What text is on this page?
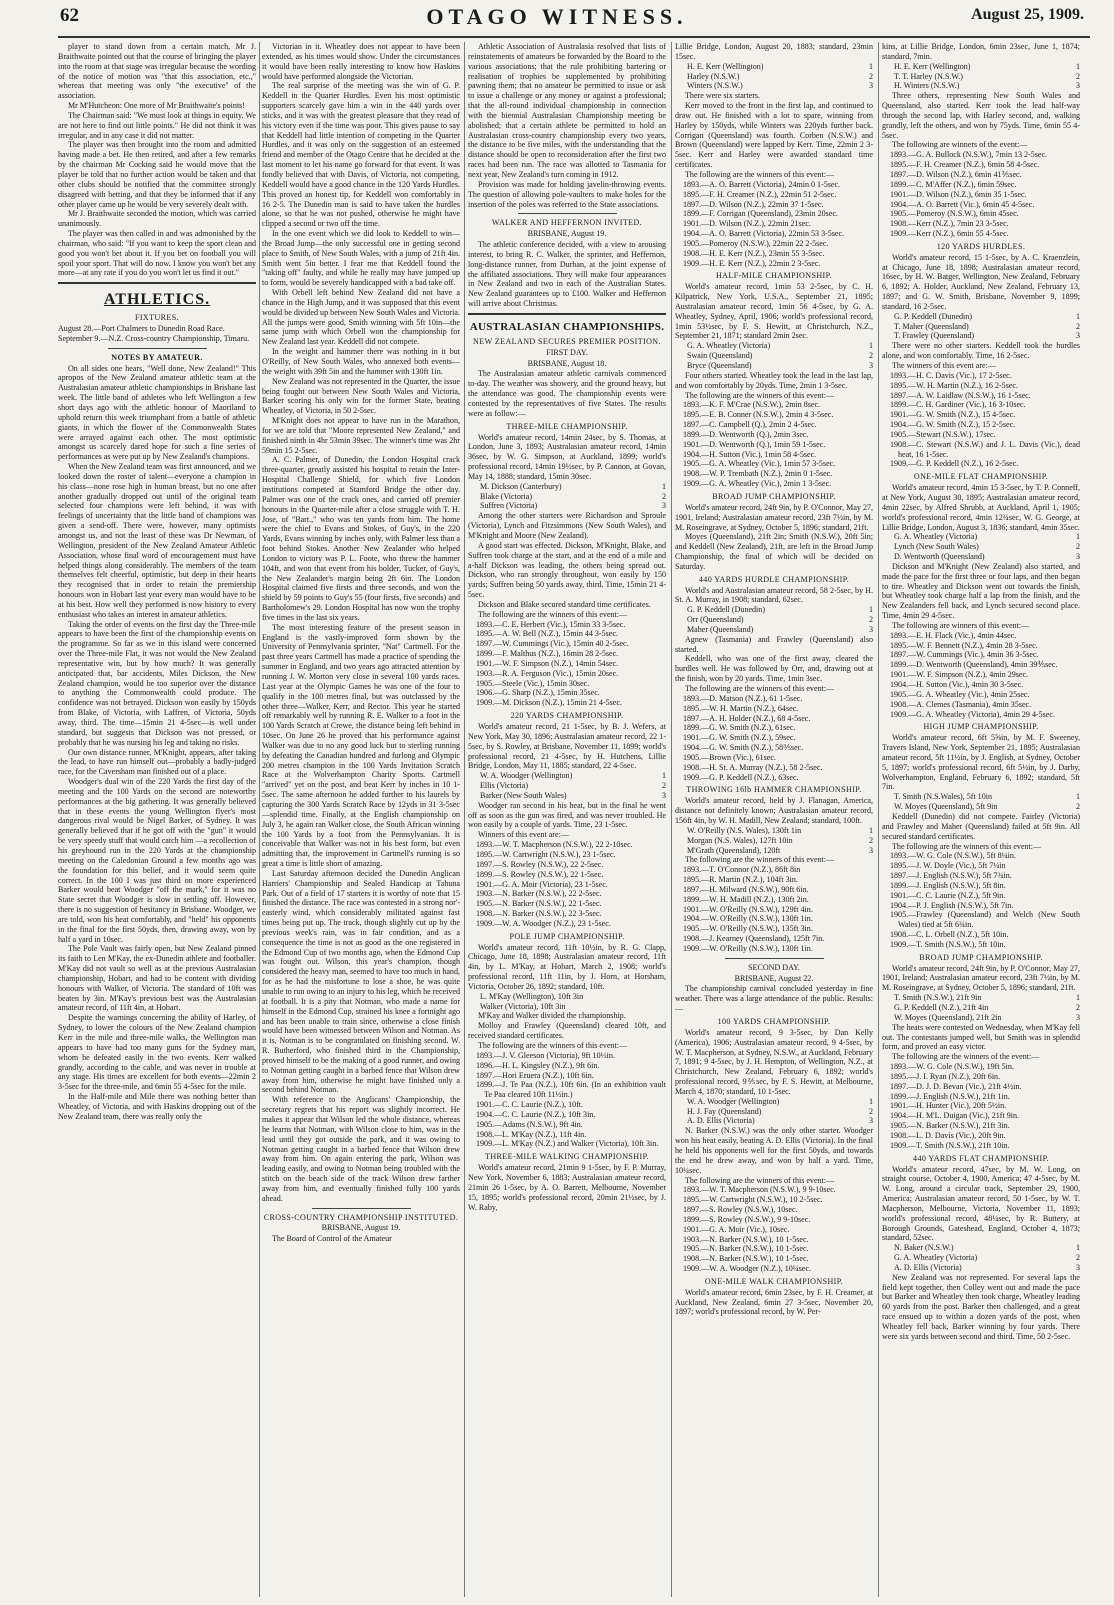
62	OTAGO WITNESS.	August 25, 1909.

player to stand down from a certain match, Mr J. Braithwaite pointed out that the course of bringing the player into the room at that stage was irregular because the wording of the notice of motion was "that this association, etc.," whereas that meeting was only "the executive" of the association.

Mr M'Hutcheon: One more of Mr Braithwaite's points!

The Chairman said: "We must look at things in equity. We are not here to find out little points." He did not think it was irregular, and in any case it did not matter.

The player was then brought into the room and admitted having made a bet. He then retired, and after a few remarks by the chairman Mr Cocking said he would move that the player be told that no further action would be taken and that other clubs should be notified that the committee strongly disagreed with betting, and that they be informed that if any other player came up he would be very severely dealt with.

Mr J. Braithwaite seconded the motion, which was carried unanimously.

The player was then called in and was admonished by the chairman, who said: "If you want to keep the sport clean and good you won't bet about it. If you bet on football you will spoil your sport. That will do now. I know you won't bet any more—at any rate if you do you won't let us find it out."

ATHLETICS.
FIXTURES.

August 28.—Port Chalmers to Dunedin Road Race.

September 9.—N.Z. Cross-country Championship, Timaru.

NOTES BY AMATEUR.

On all sides one hears, "Well done, New Zealand!" This apropos of the New Zealand amateur athletic team at the Australasian amateur athletic championships in Brisbane last week. The little band of athletes who left Wellington a few short days ago with the athletic honour of Maoriland to uphold return this week triumphant from a battle of athletic giants, in which the flower of the Commonwealth States were arrayed against each other. The most optimistic amongst us scarcely dared hope for such a fine series of performances as were put up by New Zealand's champions.

When the New Zealand team was first announced, and we looked down the roster of talent—everyone a champion in his class—none rose high in human breast, but no one after another gradually dropped out until of the original team selected four champions were left behind, it was with feelings of uncertainty that the little band of champions was given a send-off. There were, however, many optimists amongst us, and not the least of these was Dr Newman, of Wellington, president of the New Zealand Amateur Athletic Association, whose final word of encouragement must have helped things along considerably. The members of the team themselves felt cheerful, optimistic, but deep in their hearts they recognised that in order to retain the premiership honours won in Hobart last year every man would have to be at his best. How well they performed is now history to every enthusiast who takes an interest in amateur athletics.

Taking the order of events on the first day the Three-mile appears to have been the first of the championship events on the programme. So far as we in this island were concerned over the Three-mile Flat, it was not would the New Zealand representative win, but by how much? It was generally anticipated that, bar accidents, Miles Dickson, the New Zealand champion, would be too superior over the distance to anything the Commonwealth could produce. The confidence was not betrayed. Dickson won easily by 150yds from Blake, of Victoria, with Laffren, of Victoria, 50yds away, third. The time—15min 21 4-5sec—is well under standard, but suggests that Dickson was not pressed, or probably that he was nursing his leg and taking no risks.

Our own distance runner, M'Knight, appears, after taking the lead, to have run himself out—probably a badly-judged race, for the Caversham man finished out of a place.

Woodger's dual win of the 220 Yards the first day of the meeting and the 100 Yards on the second are noteworthy performances at the big gathering. It was generally believed that in these events the young Wellington flyer's most dangerous rival would be Nigel Barker, of Sydney. It was generally believed that if he got off with the "gun" it would be very speedy stuff that would catch him —a recollection of his greyhound run in the 220 Yards at the championship meeting on the Caledonian Ground a few months ago was the foundation for this belief, and it would seem quite correct. In the 100 I was just third on more experienced Barker would beat Woodger "off the mark," for it was no State secret that Woodger is slow in settling off. However, there is no suggestion of hesitancy in Brisbane. Woodger, we are told, won his heat comfortably, and "held" his opponents in the final for the first 50yds, then, drawing away, won by half a yard in 10sec.

The Pole Vault was fairly open, but New Zealand pinned its faith to Len M'Kay, the ex-Dunedin athlete and footballer. M'Kay did not vault so well as at the previous Australasian championship, Hobart, and had to be content with dividing honours with Walker, of Victoria. The standard of 10ft was beaten by 3in. M'Kay's previous best was the Australasian amateur record, of 11ft 4in, at Hobart.

Despite the warnings concerning the ability of Harley, of Sydney, to lower the colours of the New Zealand champion Kerr in the mile and three-mile walks, the Wellington man appears to have had too many guns for the Sydney man, whom he defeated easily in the two events. Kerr walked grandly, according to the cable, and was never in trouble at any stage. His times are excellent for both events—22min 2 3-5sec for the three-mile, and 6min 55 4-5sec for the mile.

In the Half-mile and Mile there was nothing better than Wheatley, of Victoria, and with Haskins dropping out of the New Zealand team, there was really only the

Victorian in it. Wheatley does not appear to have been extended, as his times would show. Under the circumstances it would have been really interesting to know how Haskins would have performed alongside the Victorian.

The real surprise of the meeting was the win of G. P. Keddell in the Quarter Hurdles. Even his most optimistic supporters scarcely gave him a win in the 440 yards over sticks, and it was with the greatest pleasure that they read of his victory even if the time was poor. This gives pause to say that Keddell had little intention of competing in the Quarter Hurdles, and it was only on the suggestion of an esteemed friend and member of the Otago Centre that he decided at the last moment to let his name go forward for that event. It was fondly believed that with Davis, of Victoria, not competing, Keddell would have a good chance in the 120 Yards Hurdles. This proved an honest tip, for Keddell won comfortably in 16 2-5. The Dunedin man is said to have taken the hurdles alone, so that he was not pushed, otherwise he might have clipped a second or two off the time.

In the one event which we did look to Keddell to win—the Broad Jump—the only successful one in getting second place to Smith, of New South Wales, with a jump of 21ft 4in. Smith went 5in better. I fear me that Keddell found the "taking off" faulty, and while he really may have jumped up to form, would be severely handicapped with a bad take off.

With Orbell left behind New Zealand did not have a chance in the High Jump, and it was supposed that this event would be divided up between New South Wales and Victoria. All the jumps were good, Smith winning with 5ft 10in—the same jump with which Orbell won the championship for New Zealand last year. Keddell did not compete.

In the weight and hammer there was nothing in it but O'Reilly, of New South Wales, who annexed both events—the weight with 39ft 5in and the hammer with 130ft 1in.

New Zealand was not represented in the Quarter, the issue being fought out between New South Wales and Victoria, Barker scoring his only win for the former State, beating Wheatley, of Victoria, in 50 2-5sec.

M'Knight does not appear to have run in the Marathon, for we are told that "Moore represented New Zealand," and finished ninth in 4hr 53min 39sec. The winner's time was 2hr 59min 15 2-5sec.

A. C. Palmer, of Dunedin, the London Hospital crack three-quarter, greatly assisted his hospital to retain the Inter-Hospital Challenge Shield, for which five London institutions competed at Stamford Bridge the other day. Palmer was one of the crack ones, and carried off premier honours in the Quarter-mile after a close struggle with T. H. Jose, of "Bart.," who was ten yards from him. The home were the chief to Evans and Stokes, of Guy's, in the 220 Yards, Evans winning by inches only, with Palmer less than a foot behind Stokes. Another New Zealander who helped London to victory was P. L. Foote, who threw the hammer 104ft, and won that event from his bolder, Tucker, of Guy's, the New Zealander's margin being 2ft 6in. The London Hospital claimed five firsts and three seconds, and won the shield by 59 points to Guy's 55 (four firsts, five seconds) and Bartholomew's 29. London Hospital has now won the trophy five times in the last six years.

The most interesting feature of the present season in England is the vastly-improved form shown by the University of Pennsylvania sprinter, "Nat" Cartmell. For the past three years Cartmell has made a practice of spending the summer in England, and two years ago attracted attention by running J. W. Morton very close in several 100 yards races. Last year at the Olympic Games he was one of the four to qualify in the 100 metres final, but was outclassed by the other three—Walker, Kerr, and Rector. This year he started off remarkably well by running R. E. Walker to a foot in the 100 Yards Scratch at Crewe, the distance being left behind in 10sec. On June 26 he proved that his performance against Walker was due to no any good luck but to sterling running by defeating the Canadian hundred and furlong and Olympic 200 metres champion in the 100 Yards Invitation Scratch Race at the Wolverhampton Charity Sports. Cartmell "arrived" yet on the post, and beat Kerr by inches in 10 1-5sec. The same afternoon he added further to his laurels by capturing the 300 Yards Scratch Race by 12yds in 31 3-5sec—splendid time. Finally, at the English championship on July 3, he again ran Walker close, the South African winning the 100 Yards by a foot from the Pennsylvanian. It is conceivable that Walker was not in his best form, but even admitting that, the improvement in Cartmell's running is so great a time is little short of amazing.

Last Saturday afternoon decided the Dunedin Anglican Harriers' Championship and Sealed Handicap at Tahuna Park. Out of a field of 17 starters it is worthy of note that 15 finished the distance. The race was contested in a strong nor'-easterly wind, which considerably militated against fast times being put up. The track, though slightly cut up by the previous week's rain, was in fair condition, and as a consequence the time is not as good as the one registered in the Edmond Cup of two months ago, when the Edmond Cup was fought out. Wilson, this year's champion, though considered the heavy man, seemed to have too much in hand, for as he had the misfortune to lose a shoe, he was quite unable to run owing to an injury to his leg, which he received at football. It is a pity that Notman, who made a name for himself in the Edmond Cup, strained his knee a fortnight ago and has been unable to train since, otherwise a close finish would have been witnessed between Wilson and Notman. As it is, Notman is to be congratulated on finishing second. W. R. Butherford, who finished third in the Championship, proved himself to be the making of a good runner, and owing to Notman getting caught in a barbed fence that Wilson drew away from him, otherwise he might have finished only a second behind Notman.

With reference to the Anglicans' Championship, the secretary regrets that his report was slightly incorrect. He makes it appear that Wilson led the whole distance, whereas he learns that Notman, with Wilson close to him, was in the lead until they got outside the park, and it was owing to Notman getting caught in a barbed fence that Wilson drew away from him. On again entering the park, Wilson was leading easily, and owing to Notman being troubled with the stitch on the beach side of the track Wilson drew farther away from him, and eventually finished fully 100 yards ahead.

CROSS-COUNTRY CHAMPIONSHIP INSTITUTED.
BRISBANE, August 19.

The Board of Control of the Amateur

Athletic Association of Australasia resolved that lists of reinstatements of amateurs be forwarded by the Board to the various associations; that the rule prohibiting bartering or realisation of trophies be supplemented by prohibiting pawning them; that no amateur be permitted to issue or ask to issue a challenge or any money or against a professional; that the all-round individual championship in connection with the biennial Australasian Championship meeting be abolished; that a certain athlete be permitted to hold an Australasian cross-country championship every two years, the distance to be five miles, with the understanding that the distance should be open to reconsideration after the first two races had been run. The race was allotted to Tasmania for next year, New Zealand's turn coming in 1912.

Provision was made for holding javelin-throwing events. The question of allowing pole-vaulters to make holes for the insertion of the poles was referred to the State associations.

WALKER AND HEFFERNON INVITED.
BRISBANE, August 19.

The athletic conference decided, with a view to arousing interest, to bring R. C. Walker, the sprinter, and Heffernon, long-distance runner, from Durban, at the joint expense of the affiliated associations. They will make four appearances in New Zealand and two in each of the Australian States. New Zealand guarantees up to £100. Walker and Heffernon will arrive about Christmas.

AUSTRALASIAN CHAMPIONSHIPS.
NEW ZEALAND SECURES PREMIER POSITION.
FIRST DAY.
BRISBANE, August 18.

The Australasian amateur athletic carnivals commenced to-day. The weather was showery, and the ground heavy, but the attendance was good. The championship events were contested by the representatives of five States. The results were as follow:—

THREE-MILE CHAMPIONSHIP.

World's amateur record, 14min 24sec, by S. Thomas, at London, June 3, 1893; Australasian amateur record, 14min 36sec, by W. G. Simpson, at Auckland, 1899; world's professional record, 14min 19½sec, by P. Cannon, at Govan, May 14, 1888; standard, 15min 30sec.

M. Dickson (Canterbury)	1
Blake (Victoria)	2
Suffren (Victoria)	3

Among the other starters were Richardson and Sproule (Victoria), Lynch and Fitzsimmons (New South Wales), and M'Knight and Moore (New Zealand).

A good start was effected. Dickson, M'Knight, Blake, and Suffren took charge at the start, and at the end of a mile and a-half Dickson was leading, the others being spread out. Dickson, who ran strongly throughout, won easily by 150 yards; Suffren being 50 yards away, third. Time, 15min 21 4-5sec.

Dickson and Blake secured standard time certificates.

The following are the winners of this event:—

1893.—C. E. Herbert (Vic.), 15min 33 3-5sec.
1895.—A. W. Bell (N.Z.), 15min 44 3-5sec.
1897.—W. Cummings (Vic.), 15min 40 2-5sec.
1899.—F. Malthus (N.Z.), 16min 28 2-5sec.
1901.—W. F. Simpson (N.Z.), 14min 54sec.
1903.—R. A. Ferguson (Vic.), 15min 20sec.
1905.—Steele (Vic.), 15min 30sec.
1906.—G. Sharp (N.Z.), 15min 35sec.
1909.—M. Dickson (N.Z.), 15min 21 4-5sec.
220 YARDS CHAMPIONSHIP.

World's amateur record, 21 1-5sec, by B. J. Wefers, at New York, May 30, 1896; Australasian amateur record, 22 1-5sec, by S. Rowley, at Brisbane, November 11, 1899; world's professional record, 21 4-5sec, by H. Hutchens, Lillie Bridge, London, May 11, 1885; standard, 22 4-5sec.

W. A. Woodger (Wellington)	1
Ellis (Victoria)	2
Barker (New South Wales)	3

Woodger ran second in his heat, but in the final he went off as soon as the gun was fired, and was never troubled. He won easily by a couple of yards. Time, 23 1-5sec.

Winners of this event are:—

1893.—W. T. Macpherson (N.S.W.), 22 2-10sec.
1895.—W. Cartwright (N.S.W.), 23 1-5sec.
1897.—S. Rowley (N.S.W.), 22 2-5sec.
1899.—S. Rowley (N.S.W.), 22 1-5sec.
1901.—G. A. Moir (Victoria), 23 1-5sec.
1903.—N. Barker (N.S.W.), 22 2-5sec.
1905.—N. Barker (N.S.W.), 22 1-5sec.
1908.—N. Barker (N.S.W.), 22 3-5sec.
1909.—W. A. Woodger (N.Z.), 23 1-5sec.
POLE JUMP CHAMPIONSHIP.

World's amateur record, 11ft 10½in, by R. G. Clapp, Chicago, June 18, 1898; Australasian amateur record, 11ft 4in, by L. M'Kay, at Hobart, March 2, 1908; world's professional record, 11ft 11in, by J. Horn, at Horsham, Victoria, October 26, 1892; standard, 10ft.

L. M'Kay (Wellington), 10ft 3in
Walker (Victoria), 10ft 3in

M'Kay and Walker divided the championship.

Molloy and Frawley (Queensland) cleared 10ft, and received standard certificates.

The following are the winners of this event:—

1893.—J. V. Gleeson (Victoria), 9ft 10½in.
1896.—H. L. Kingsley (N.Z.), 9ft 6in.
1897.—Hori Eruera (N.Z.), 10ft 6in.
1899.—J. Te Paa (N.Z.), 10ft 6in. (In an exhibition vault Te Paa cleared 10ft 11½in.)
1901.—C. C. Laurie (N.Z.), 10ft.
1904.—C. C. Laurie (N.Z.), 10ft 3in.
1905.—Adams (N.S.W.), 9ft 4in.
1908.—L. M'Kay (N.Z.), 11ft 4in.
1909.—L. M'Kay (N.Z.) and Walker (Victoria), 10ft 3in.
THREE-MILE WALKING CHAMPIONSHIP.

World's amateur record, 21min 9 1-5sec, by F. P. Murray, New York, November 6, 1883; Australasian amateur record, 21min 26 1-5sec, by A. O. Barrett, Melbourne, November 15, 1895; world's professional record, 20min 21½sec, by J. W. Raby,

Lillie Bridge, London, August 20, 1883; standard, 23min 15sec.

H. E. Kerr (Wellington)	1
Harley (N.S.W.)	2
Winters (N.S.W.)	3

There were six starters.

Kerr moved to the front in the first lap, and continued to draw out. He finished with a lot to spare, winning from Harley by 150yds, while Winters was 220yds further back. Corrigan (Queensland) was fourth. Corben (N.S.W.) and Brown (Queensland) were lapped by Kerr. Time, 22min 2 3-5sec. Kerr and Harley were awarded standard time certificates.

The following are the winners of this event:—

1893.—A. O. Barrett (Victoria), 24min 0 1-5sec.
1895.—F. H. Creamer (N.Z.), 22min 51 2-5sec.
1897.—D. Wilson (N.Z.), 22min 37 1-5sec.
1899.—F. Corrigan (Queensland), 23min 20sec.
1901.—D. Wilson (N.Z.), 22min 21sec.
1904.—A. O. Barrett (Victoria), 22min 53 3-5sec.
1905.—Pomeroy (N.S.W.), 22min 22 2-5sec.
1908.—H. E. Kerr (N.Z.), 23min 55 3-5sec.
1909.—H. E. Kerr (N.Z.), 22min 2 3-5sec.
HALF-MILE CHAMPIONSHIP.

World's amateur record, 1min 53 2-5sec, by C. H. Kilpatrick, New York, U.S.A., September 21, 1895; Australasian amateur record, 1min 56 4-5sec, by G. A. Wheatley, Sydney, April, 1906; world's professional record, 1min 53½sec, by F. S. Hewitt, at Christchurch, N.Z., September 21, 1871; standard 2min 2sec.

G. A. Wheatley (Victoria)	1
Swain (Queensland)	2
Bryce (Queensland)	3

Four others started. Wheatley took the lead in the last lap, and won comfortably by 20yds. Time, 2min 1 3-5sec.

The following are the winners of this event:—

1893.—K. F. M'Crae (N.S.W.), 2min 8sec.
1895.—E. B. Conner (N.S.W.), 2min 4 3-5sec.
1897.—C. Campbell (Q.), 2min 2 4-5sec.
1899.—D. Wentworth (Q.), 2min 3sec.
1901.—D. Wentworth (Q.), 1min 59 1-5sec.
1904.—H. Sutton (Vic.), 1min 58 4-5sec.
1905.—G. A. Wheatley (Vic.), 1min 57 3-5sec.
1908.—W. P. Trembath (N.Z.), 2min 0 1-5sec.
1909.—G. A. Wheatley (Vic.), 2min 1 3-5sec.
BROAD JUMP CHAMPIONSHIP.

World's amateur record, 24ft 9in, by P. O'Connor, May 27, 1901, Ireland; Australasian amateur record, 23ft 7½in, by M. M. Roseingrave, at Sydney, October 5, 1896; standard, 21ft.

Moyes (Queensland), 21ft 2in; Smith (N.S.W.), 20ft 5in; and Keddell (New Zealand), 21ft, are left in the Broad Jump Championship, the final of which will be decided on Saturday.

440 YARDS HURDLE CHAMPIONSHIP.

World's and Australasian amateur record, 58 2-5sec, by H. St. A. Murray, in 1908; standard, 62sec.

G. P. Keddell (Dunedin)	1
Orr (Queensland)	2
Maher (Queensland)	3

Agnew (Tasmania) and Frawley (Queensland) also started.

Keddell, who was one of the first away, cleared the hurdles well. He was followed by Orr, and, drawing out at the finish, won by 20 yards. Time, 1min 3sec.

The following are the winners of this event:—

1893.—D. Matson (N.Z.), 61 1-5sec.
1895.—W. H. Martin (N.Z.), 64sec.
1897.—A. H. Holder (N.Z.), 68 4-5sec.
1899.—G. W. Smith (N.Z.), 61sec.
1901.—G. W. Smith (N.Z.), 59sec.
1904.—G. W. Smith (N.Z.), 58⅗sec.
1905.—Brown (Vic.), 61sec.
1908.—H. St. A. Murray (N.Z.), 58 2-5sec.
1909.—G. P. Keddell (N.Z.), 63sec.
THROWING 16lb HAMMER CHAMPIONSHIP.

World's amateur record, held by J. Flanagan, America, distance not definitely known; Australasian amateur record, 156ft 4in, by W. H. Madill, New Zealand; standard, 100ft.

W. O'Reilly (N.S. Wales), 130ft 1in	1
Morgan (N.S. Wales), 127ft 10in	2
M'Grath (Queensland), 120ft	3

The following are the winners of this event:—

1893.—T. O'Connor (N.Z.), 86ft 8in
1895.—R. Martin (N.Z.), 104ft 3in.
1897.—H. Milward (N.S.W.), 90ft 6in.
1899.—W. H. Madill (N.Z.), 130ft 2in.
1901.—W. O'Reilly (N.S.W.), 129ft 4in.
1904.—W. O'Reilly (N.S.W.), 130ft 1in.
1905.—W. O'Reilly (N.S.W.), 135ft 3in.
1908.—J. Kearney (Queensland), 125ft 7in.
1909.—W. O'Reilly (N.S.W.), 130ft 1in.
SECOND DAY.
BRISBANE, August 22.

The championship carnival concluded yesterday in fine weather. There was a large attendance of the public. Results:—

100 YARDS CHAMPIONSHIP.

World's amateur record, 9 3-5sec, by Dan Kelly (America), 1906; Australasian amateur record, 9 4-5sec, by W. T. Macpherson, at Sydney, N.S.W., at Auckland, February 7, 1891; 9 4-5sec, by J. H. Hempton, of Wellington, N.Z., at Christchurch, New Zealand, February 6, 1892; world's professional record, 9⅖sec, by F. S. Hewitt, at Melbourne, March 4, 1870; standard, 10 1-5sec.

W. A. Woodger (Wellington)	1
H. J. Fay (Queensland)	2
A. D. Ellis (Victoria)	3

N. Barker (N.S.W.) was the only other starter. Woodger won his heat easily, beating A. D. Ellis (Victoria). In the final he held his opponents well for the first 50yds, and towards the end he drew away, and won by half a yard. Time, 10¼sec.

The following are the winners of this event:—

1893.—W. T. Macpherson (N.S.W.), 9 9-10sec.
1895.—W. Cartwright (N.S.W.), 10 2-5sec.
1897.—S. Rowley (N.S.W.), 10sec.
1899.—S. Rowley (N.S.W.), 9 9-10sec.
1901.—G. A. Moir (Vic.), 10sec.
1903.—N. Barker (N.S.W.), 10 1-5sec.
1905.—N. Barker (N.S.W.), 10 1-5sec.
1908.—N. Barker (N.S.W.), 10 1-5sec.
1909.—W. A. Woodger (N.Z.), 10¼sec.
ONE-MILE WALK CHAMPIONSHIP.

World's amateur record, 6min 23sec, by F. H. Creamer, at Auckland, New Zealand, 6min 27 3-5sec, November 20, 1897; world's professional record, by W. Per-

kins, at Lillie Bridge, London, 6min 23sec, June 1, 1874; standard, 7min.

H. E. Kerr (Wellington)	1
T. T. Harley (N.S.W.)	2
H. Winters (N.S.W.)	3

Three others, representing New South Wales and Queensland, also started. Kerr took the lead half-way through the second lap, with Harley second, and, walking grandly, left the others, and won by 75yds. Time, 6min 55 4-5sec.

The following are winners of the event:—

1893.—G. A. Bullock (N.S.W.), 7min 13 2-5sec.
1895.—F. H. Creamer (N.Z.), 6min 58 4-5sec.
1897.—D. Wilson (N.Z.), 6min 41⅗sec.
1899.—C. M'Affer (N.Z.), 6min 59sec.
1901.—D. Wilson (N.Z.), 6min 35 1-5sec.
1904.—A. O. Barrett (Vic.), 6min 45 4-5sec.
1905.—Pomeroy (N.S.W.), 6min 45sec.
1908.—Kerr (N.Z.), 7min 23 3-5sec.
1909.—Kerr (N.Z.), 6min 55 4-5sec.
120 YARDS HURDLES.

World's amateur record, 15 1-5sec, by A. C. Kraenzlein, at Chicago, June 18, 1898; Australasian amateur record, 16sec, by H. W. Batger, Wellington, New Zealand, February 6, 1892; A. Holder, Auckland, New Zealand, February 13, 1897; and G. W. Smith, Brisbane, November 9, 1899; standard, 16 2-5sec.

G. P. Keddell (Dunedin)	1
T. Maher (Queensland)	2
T. Frawley (Queensland)	3

There were no other starters. Keddell took the hurdles alone, and won comfortably. Time, 16 2-5sec.

The winners of this event are:—

1893.—H. C. Davis (Vic.), 17 2-5sec.
1895.—W. H. Martin (N.Z.), 16 2-5sec.
1897.—A. W. Laidlaw (N.S.W.), 16 1-5sec.
1899.—C. H. Gardiner (Vic.), 16 3-10sec.
1901.—G. W. Smith (N.Z.), 15 4-5sec.
1904.—G. W. Smith (N.Z.), 15 2-5sec.
1905.—Stewart (N.S.W.), 17sec.
1908.—C. Stewart (N.S.W.) and J. L. Davis (Vic.), dead heat, 16 1-5sec.
1909.—G. P. Keddell (N.Z.), 16 2-5sec.
ONE-MILE FLAT CHAMPIONSHIP.

World's amateur record, 4min 15 3-5sec, by T. P. Conneff, at New York, August 30, 1895; Australasian amateur record, 4min 22sec, by Alfred Shrubb, at Auckland, April 1, 1905; world's professional record, 4min 12¾sec, W. G. George, at Lillie Bridge, London, August 3, 1836; standard, 4min 35sec.

G. A. Wheatley (Victoria)	1
Lynch (New South Wales)	2
D. Wentworth (Queensland)	3

Dickson and M'Knight (New Zealand) also started, and made the pace for the first three or four laps, and then began to tire. Wheatley and Dickson went out towards the finish, but Wheatley took charge half a lap from the finish, and the New Zealanders fell back, and Lynch secured second place. Time, 4min 29 4-5sec.

The following are winners of this event:—

1893.—E. H. Flack (Vic.), 4min 44sec.
1895.—W. F. Bennett (N.Z.), 4min 28 3-5sec.
1897.—W. Cummings (Vic.), 4min 36 3-5sec.
1899.—D. Wentworth (Queensland), 4min 39⅘sec.
1901.—W. F. Simpson (N.Z.), 4min 29sec.
1904.—H. Sutton (Vic.), 4min 30 3-5sec.
1905.—G. A. Wheatley (Vic.), 4min 25sec.
1908.—A. Clemes (Tasmania), 4min 35sec.
1909.—G. A. Wheatley (Victoria), 4min 29 4-5sec.
HIGH JUMP CHAMPIONSHIP.

World's amateur record, 6ft 5⅝in, by M. F. Sweeney, Travers Island, New York, September 21, 1895; Australasian amateur record, 5ft 11½in, by J. English, at Sydney, October 5, 1897; world's professional record, 6ft 5½in, by J. Darby, Wolverhampton, England, February 6, 1892; standard, 5ft 7in.

T. Smith (N.S.Wales), 5ft 10in	1
W. Moyes (Queensland), 5ft 9in	2

Keddell (Dunedin) did not compete. Fairley (Victoria) and Frawley and Maher (Queensland) failed at 5ft 9in. All secured standard certificates.

The following are the winners of this event:—

1893.—W. G. Cole (N.S.W.), 5ft 8¼in.
1895.—J. W. Doyle (Vic.), 5ft 7¼in
1897.—J. English (N.S.W.), 5ft 7¾in.
1899.—J. English (N.S.W.), 5ft 8in.
1901.—C. C. Laurie (N.Z.), 5ft 9in.
1904.—P. J. English (N.S.W.), 5ft 7in.
1905.—Frawley (Queensland) and Welch (New South Wales) tied at 5ft 6¾in.
1908.—C. L. Orbell (N.Z.), 5ft 10in.
1909.—T. Smith (N.S.W.), 5ft 10in.
BROAD JUMP CHAMPIONSHIP.

World's amateur record, 24ft 9in, by P. O'Connor, May 27, 1901, Ireland; Australasian amateur record, 23ft 7½in, by M. M. Roseingrave, at Sydney, October 5, 1896; standard, 21ft.

T. Smith (N.S.W.), 21ft 9in	1
G. P. Keddell (N.Z.), 21ft 4in	2
W. Moyes (Queensland), 21ft 2in	3

The heats were contested on Wednesday, when M'Kay fell out. The contestants jumped well, but Smith was in splendid form, and proved an easy victor.

The following are the winners of the event:—

1893.—W. G. Cole (N.S.W.), 19ft 5in.
1895.—J. I. Ryan (N.Z.), 20ft 6in.
1897.—D. J. D. Bevan (Vic.), 21ft 4½in.
1899.—J. English (N.S.W.), 21ft 1in.
1901.—H. Hunter (Vic.), 20ft 5½in.
1904.—H. M'L. Duigan (Vic.), 21ft 9in.
1905.—N. Barker (N.S.W.), 21ft 3in.
1908.—L. D. Davis (Vic.), 20ft 9in.
1909.—T. Smith (N.S.W.), 21ft 10in.
440 YARDS FLAT CHAMPIONSHIP.

World's amateur record, 47sec, by M. W. Long, on straight course, October 4, 1900, America; 47 4-5sec, by M. W. Long, around a circular track, September 29, 1900, America; Australasian amateur record, 50 1-5sec, by W. T. Macpherson, Melbourne, Victoria, November 11, 1893; world's professional record, 48¼sec, by R. Buttery, at Borough Grounds, Gateshead, England, October 4, 1873; standard, 52sec.

N. Baker (N.S.W.)	1
G. A. Wheatley (Victoria)	2
A. D. Ellis (Victoria)	3

New Zealand was not represented. For several laps the field kept together, then Colley went out and made the pace but Barker and Wheatley then took charge, Wheatley leading 60 yards from the post. Barker then challenged, and a great race ensued up to within a dozen yards of the post, when Wheatley fell back, Barker winning by four yards. There were six yards between second and third. Time, 50 2-5sec.
